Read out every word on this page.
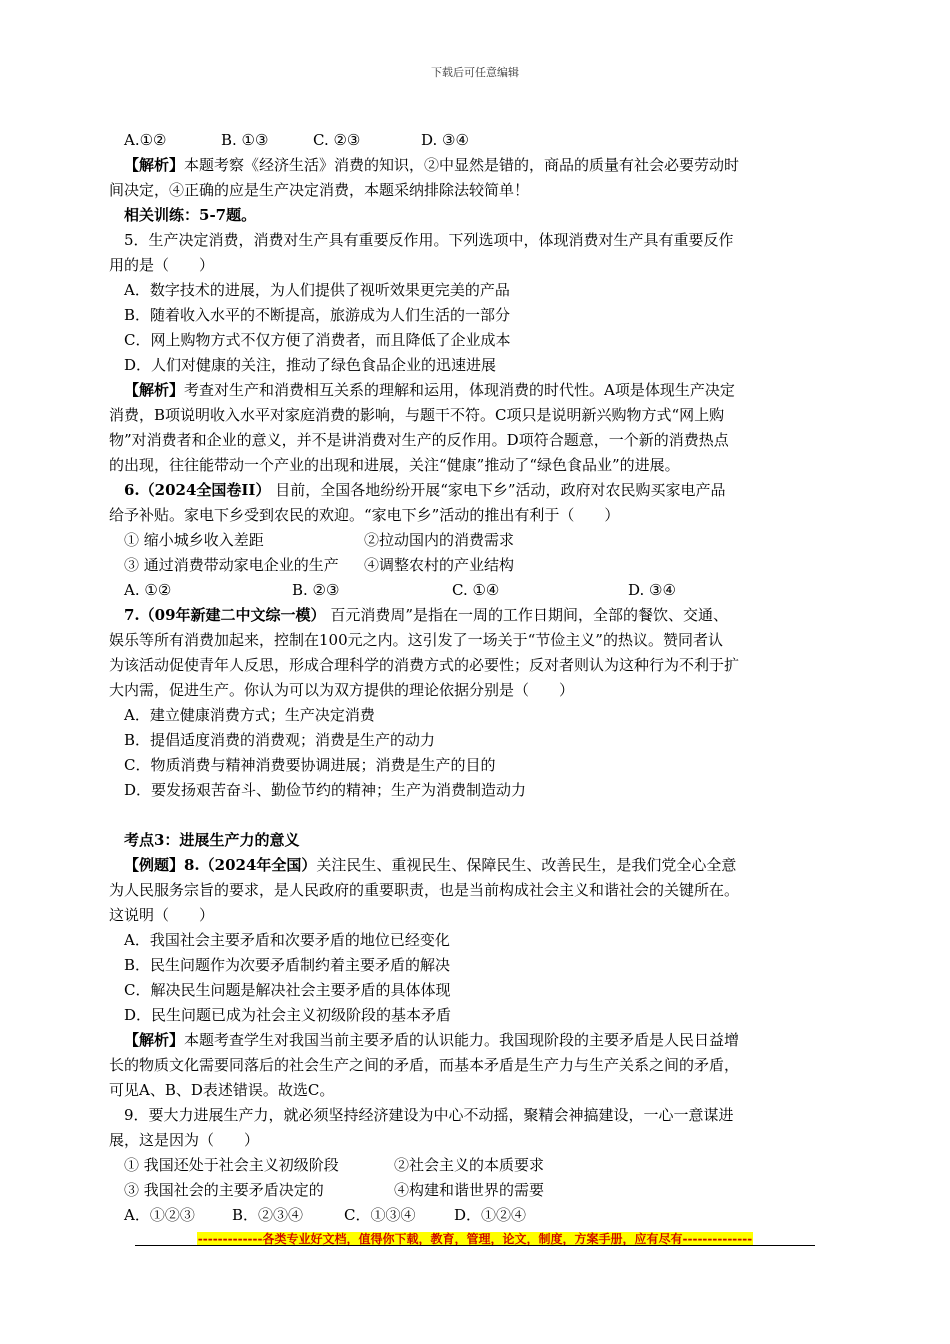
下载后可任意编辑
A.①②	B. ①③	C. ②③	D. ③④
【解析】本题考察《经济生活》消费的知识，②中显然是错的，商品的质量有社会必要劳动时
间决定，④正确的应是生产决定消费，本题采纳排除法较简单！
相关训练：5-7题。
5．生产决定消费，消费对生产具有重要反作用。下列选项中，体现消费对生产具有重要反作
用的是（　　）
A．数字技术的进展，为人们提供了视听效果更完美的产品
B．随着收入水平的不断提高，旅游成为人们生活的一部分
C．网上购物方式不仅方便了消费者，而且降低了企业成本
D．人们对健康的关注，推动了绿色食品企业的迅速进展
【解析】考查对生产和消费相互关系的理解和运用，体现消费的时代性。A项是体现生产决定
消费，B项说明收入水平对家庭消费的影响，与题干不符。C项只是说明新兴购物方式“网上购
物”对消费者和企业的意义，并不是讲消费对生产的反作用。D项符合题意，一个新的消费热点
的出现，往往能带动一个产业的出现和进展，关注“健康”推动了“绿色食品业”的进展。
6.（2024全国卷II） 目前，全国各地纷纷开展“家电下乡”活动，政府对农民购买家电产品
给予补贴。家电下乡受到农民的欢迎。“家电下乡”活动的推出有利于（　　）
① 缩小城乡收入差距	②拉动国内的消费需求
③ 通过消费带动家电企业的生产 ④调整农村的产业结构
A. ①②	B. ②③	C. ①④	D. ③④
7.（09年新建二中文综一模） 百元消费周”是指在一周的工作日期间，全部的餐饮、交通、
娱乐等所有消费加起来，控制在100元之内。这引发了一场关于“节俭主义”的热议。赞同者认
为该活动促使青年人反思，形成合理科学的消费方式的必要性；反对者则认为这种行为不利于扩
大内需，促进生产。你认为可以为双方提供的理论依据分别是（　　）
A．建立健康消费方式；生产决定消费
B．提倡适度消费的消费观；消费是生产的动力
C．物质消费与精神消费要协调进展；消费是生产的目的
D．要发扬艰苦奋斗、勤俭节约的精神；生产为消费制造动力
考点3：进展生产力的意义
【例题】8.（2024年全国）关注民生、重视民生、保障民生、改善民生，是我们党全心全意
为人民服务宗旨的要求，是人民政府的重要职责，也是当前构成社会主义和谐社会的关键所在。
这说明（　　）
A．我国社会主要矛盾和次要矛盾的地位已经变化
B．民生问题作为次要矛盾制约着主要矛盾的解决
C．解决民生问题是解决社会主要矛盾的具体体现
D．民生问题已成为社会主义初级阶段的基本矛盾
【解析】本题考查学生对我国当前主要矛盾的认识能力。我国现阶段的主要矛盾是人民日益增
长的物质文化需要同落后的社会生产之间的矛盾，而基本矛盾是生产力与生产关系之间的矛盾，
可见A、B、D表述错误。故选C。
9．要大力进展生产力，就必须坚持经济建设为中心不动摇，聚精会神搞建设，一心一意谋进
展，这是因为（　　）
① 我国还处于社会主义初级阶段	②社会主义的本质要求
③ 我国社会的主要矛盾决定的	④构建和谐世界的需要
A．①②③ B．②③④	C．①③④	D．①②④
-------------各类专业好文档，值得你下载，教育，管理，论文，制度，方案手册，应有尽有--------------
